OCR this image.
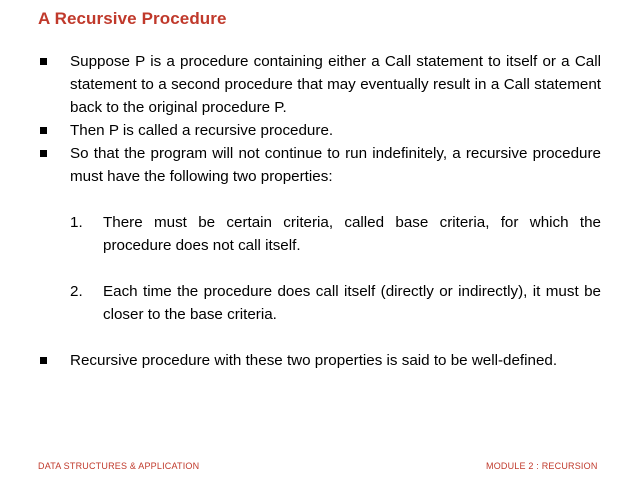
A Recursive Procedure
Suppose P is a procedure containing either a Call statement to itself or a Call statement to a second procedure that may eventually result in a Call statement back to the original procedure P.
Then P is called a recursive procedure.
So that the program will not continue to run indefinitely, a recursive procedure must have the following two properties:
1.	There must be certain criteria, called base criteria, for which the procedure does not call itself.
2.	Each time the procedure does call itself (directly or indirectly), it must be closer to the base criteria.
Recursive procedure with these two properties is said to be well-defined.
DATA STRUCTURES & APPLICATION	MODULE 2 : RECURSION
